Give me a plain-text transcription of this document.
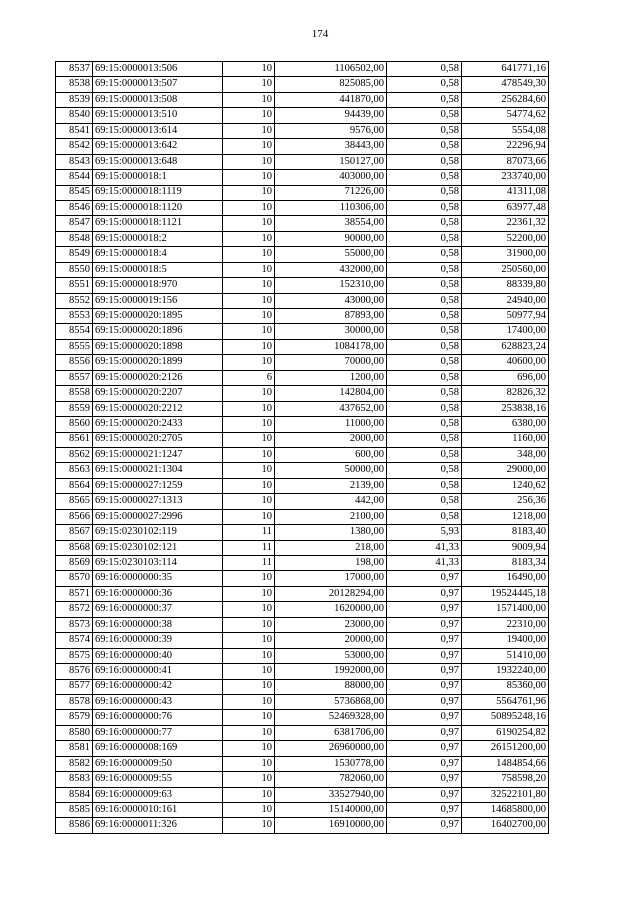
174
8537	69:15:0000013:506	10	1106502,00	0,58	641771,16
8538	69:15:0000013:507	10	825085,00	0,58	478549,30
8539	69:15:0000013:508	10	441870,00	0,58	256284,60
8540	69:15:0000013:510	10	94439,00	0,58	54774,62
8541	69:15:0000013:614	10	9576,00	0,58	5554,08
8542	69:15:0000013:642	10	38443,00	0,58	22296,94
8543	69:15:0000013:648	10	150127,00	0,58	87073,66
8544	69:15:0000018:1	10	403000,00	0,58	233740,00
8545	69:15:0000018:1119	10	71226,00	0,58	41311,08
8546	69:15:0000018:1120	10	110306,00	0,58	63977,48
8547	69:15:0000018:1121	10	38554,00	0,58	22361,32
8548	69:15:0000018:2	10	90000,00	0,58	52200,00
8549	69:15:0000018:4	10	55000,00	0,58	31900,00
8550	69:15:0000018:5	10	432000,00	0,58	250560,00
8551	69:15:0000018:970	10	152310,00	0,58	88339,80
8552	69:15:0000019:156	10	43000,00	0,58	24940,00
8553	69:15:0000020:1895	10	87893,00	0,58	50977,94
8554	69:15:0000020:1896	10	30000,00	0,58	17400,00
8555	69:15:0000020:1898	10	1084178,00	0,58	628823,24
8556	69:15:0000020:1899	10	70000,00	0,58	40600,00
8557	69:15:0000020:2126	6	1200,00	0,58	696,00
8558	69:15:0000020:2207	10	142804,00	0,58	82826,32
8559	69:15:0000020:2212	10	437652,00	0,58	253838,16
8560	69:15:0000020:2433	10	11000,00	0,58	6380,00
8561	69:15:0000020:2705	10	2000,00	0,58	1160,00
8562	69:15:0000021:1247	10	600,00	0,58	348,00
8563	69:15:0000021:1304	10	50000,00	0,58	29000,00
8564	69:15:0000027:1259	10	2139,00	0,58	1240,62
8565	69:15:0000027:1313	10	442,00	0,58	256,36
8566	69:15:0000027:2996	10	2100,00	0,58	1218,00
8567	69:15:0230102:119	11	1380,00	5,93	8183,40
8568	69:15:0230102:121	11	218,00	41,33	9009,94
8569	69:15:0230103:114	11	198,00	41,33	8183,34
8570	69:16:0000000:35	10	17000,00	0,97	16490,00
8571	69:16:0000000:36	10	20128294,00	0,97	19524445,18
8572	69:16:0000000:37	10	1620000,00	0,97	1571400,00
8573	69:16:0000000:38	10	23000,00	0,97	22310,00
8574	69:16:0000000:39	10	20000,00	0,97	19400,00
8575	69:16:0000000:40	10	53000,00	0,97	51410,00
8576	69:16:0000000:41	10	1992000,00	0,97	1932240,00
8577	69:16:0000000:42	10	88000,00	0,97	85360,00
8578	69:16:0000000:43	10	5736868,00	0,97	5564761,96
8579	69:16:0000000:76	10	52469328,00	0,97	50895248,16
8580	69:16:0000000:77	10	6381706,00	0,97	6190254,82
8581	69:16:0000008:169	10	26960000,00	0,97	26151200,00
8582	69:16:0000009:50	10	1530778,00	0,97	1484854,66
8583	69:16:0000009:55	10	782060,00	0,97	758598,20
8584	69:16:0000009:63	10	33527940,00	0,97	32522101,80
8585	69:16:0000010:161	10	15140000,00	0,97	14685800,00
8586	69:16:0000011:326	10	16910000,00	0,97	16402700,00
